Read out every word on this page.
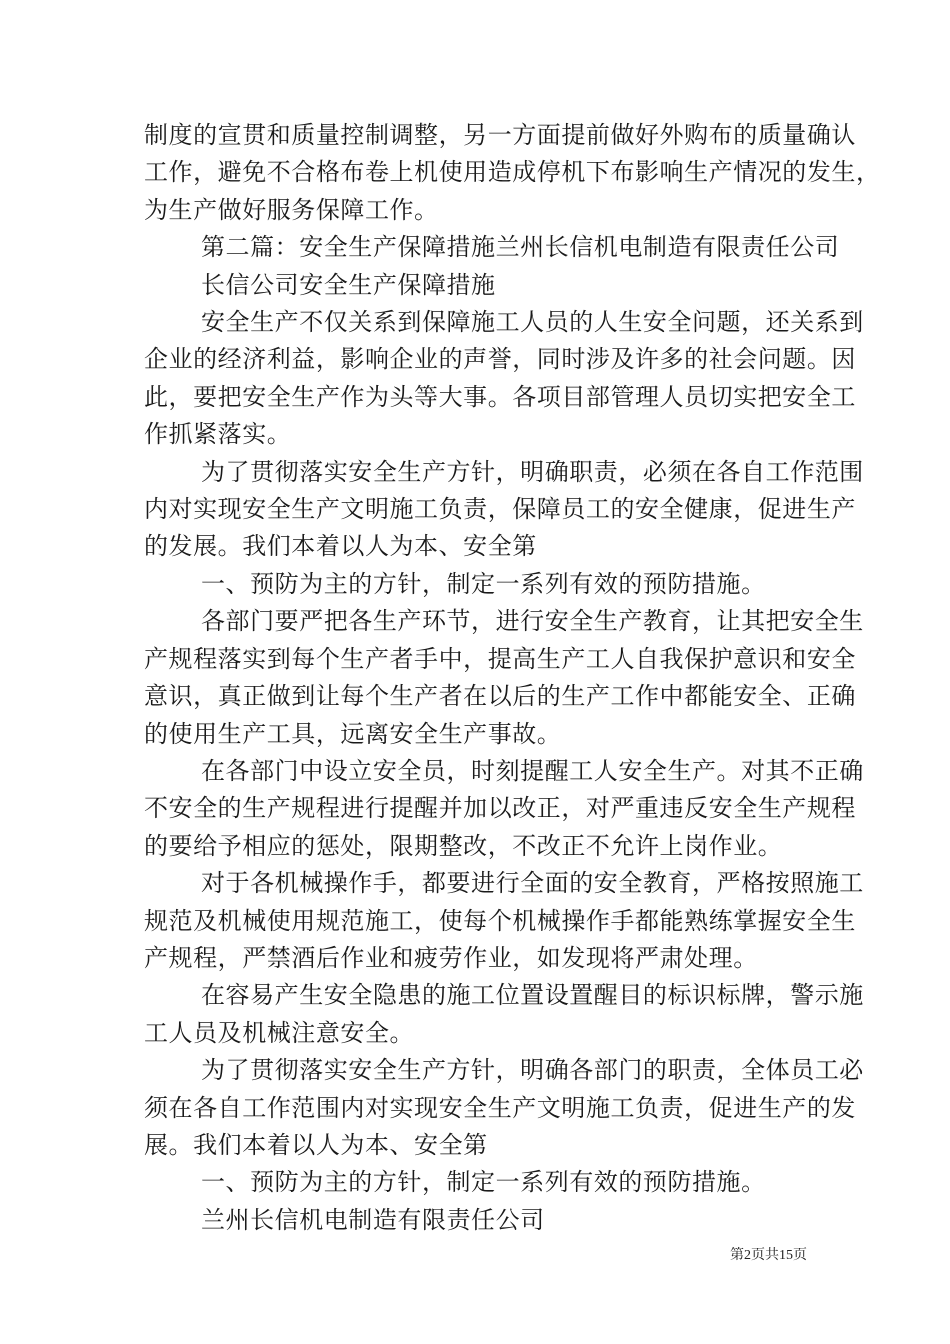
制度的宣贯和质量控制调整，另一方面提前做好外购布的质量确认
工作，避免不合格布卷上机使用造成停机下布影响生产情况的发生，
为生产做好服务保障工作。
第二篇：安全生产保障措施兰州长信机电制造有限责任公司
长信公司安全生产保障措施
安全生产不仅关系到保障施工人员的人生安全问题，还关系到
企业的经济利益，影响企业的声誉，同时涉及许多的社会问题。因
此，要把安全生产作为头等大事。各项目部管理人员切实把安全工
作抓紧落实。
为了贯彻落实安全生产方针，明确职责，必须在各自工作范围
内对实现安全生产文明施工负责，保障员工的安全健康，促进生产
的发展。我们本着以人为本、安全第
一、预防为主的方针，制定一系列有效的预防措施。
各部门要严把各生产环节，进行安全生产教育，让其把安全生
产规程落实到每个生产者手中，提高生产工人自我保护意识和安全
意识，真正做到让每个生产者在以后的生产工作中都能安全、正确
的使用生产工具，远离安全生产事故。
在各部门中设立安全员，时刻提醒工人安全生产。对其不正确
不安全的生产规程进行提醒并加以改正，对严重违反安全生产规程
的要给予相应的惩处，限期整改，不改正不允许上岗作业。
对于各机械操作手，都要进行全面的安全教育，严格按照施工
规范及机械使用规范施工，使每个机械操作手都能熟练掌握安全生
产规程，严禁酒后作业和疲劳作业，如发现将严肃处理。
在容易产生安全隐患的施工位置设置醒目的标识标牌，警示施
工人员及机械注意安全。
为了贯彻落实安全生产方针，明确各部门的职责，全体员工必
须在各自工作范围内对实现安全生产文明施工负责，促进生产的发
展。我们本着以人为本、安全第
一、预防为主的方针，制定一系列有效的预防措施。
兰州长信机电制造有限责任公司
第2页共15页
